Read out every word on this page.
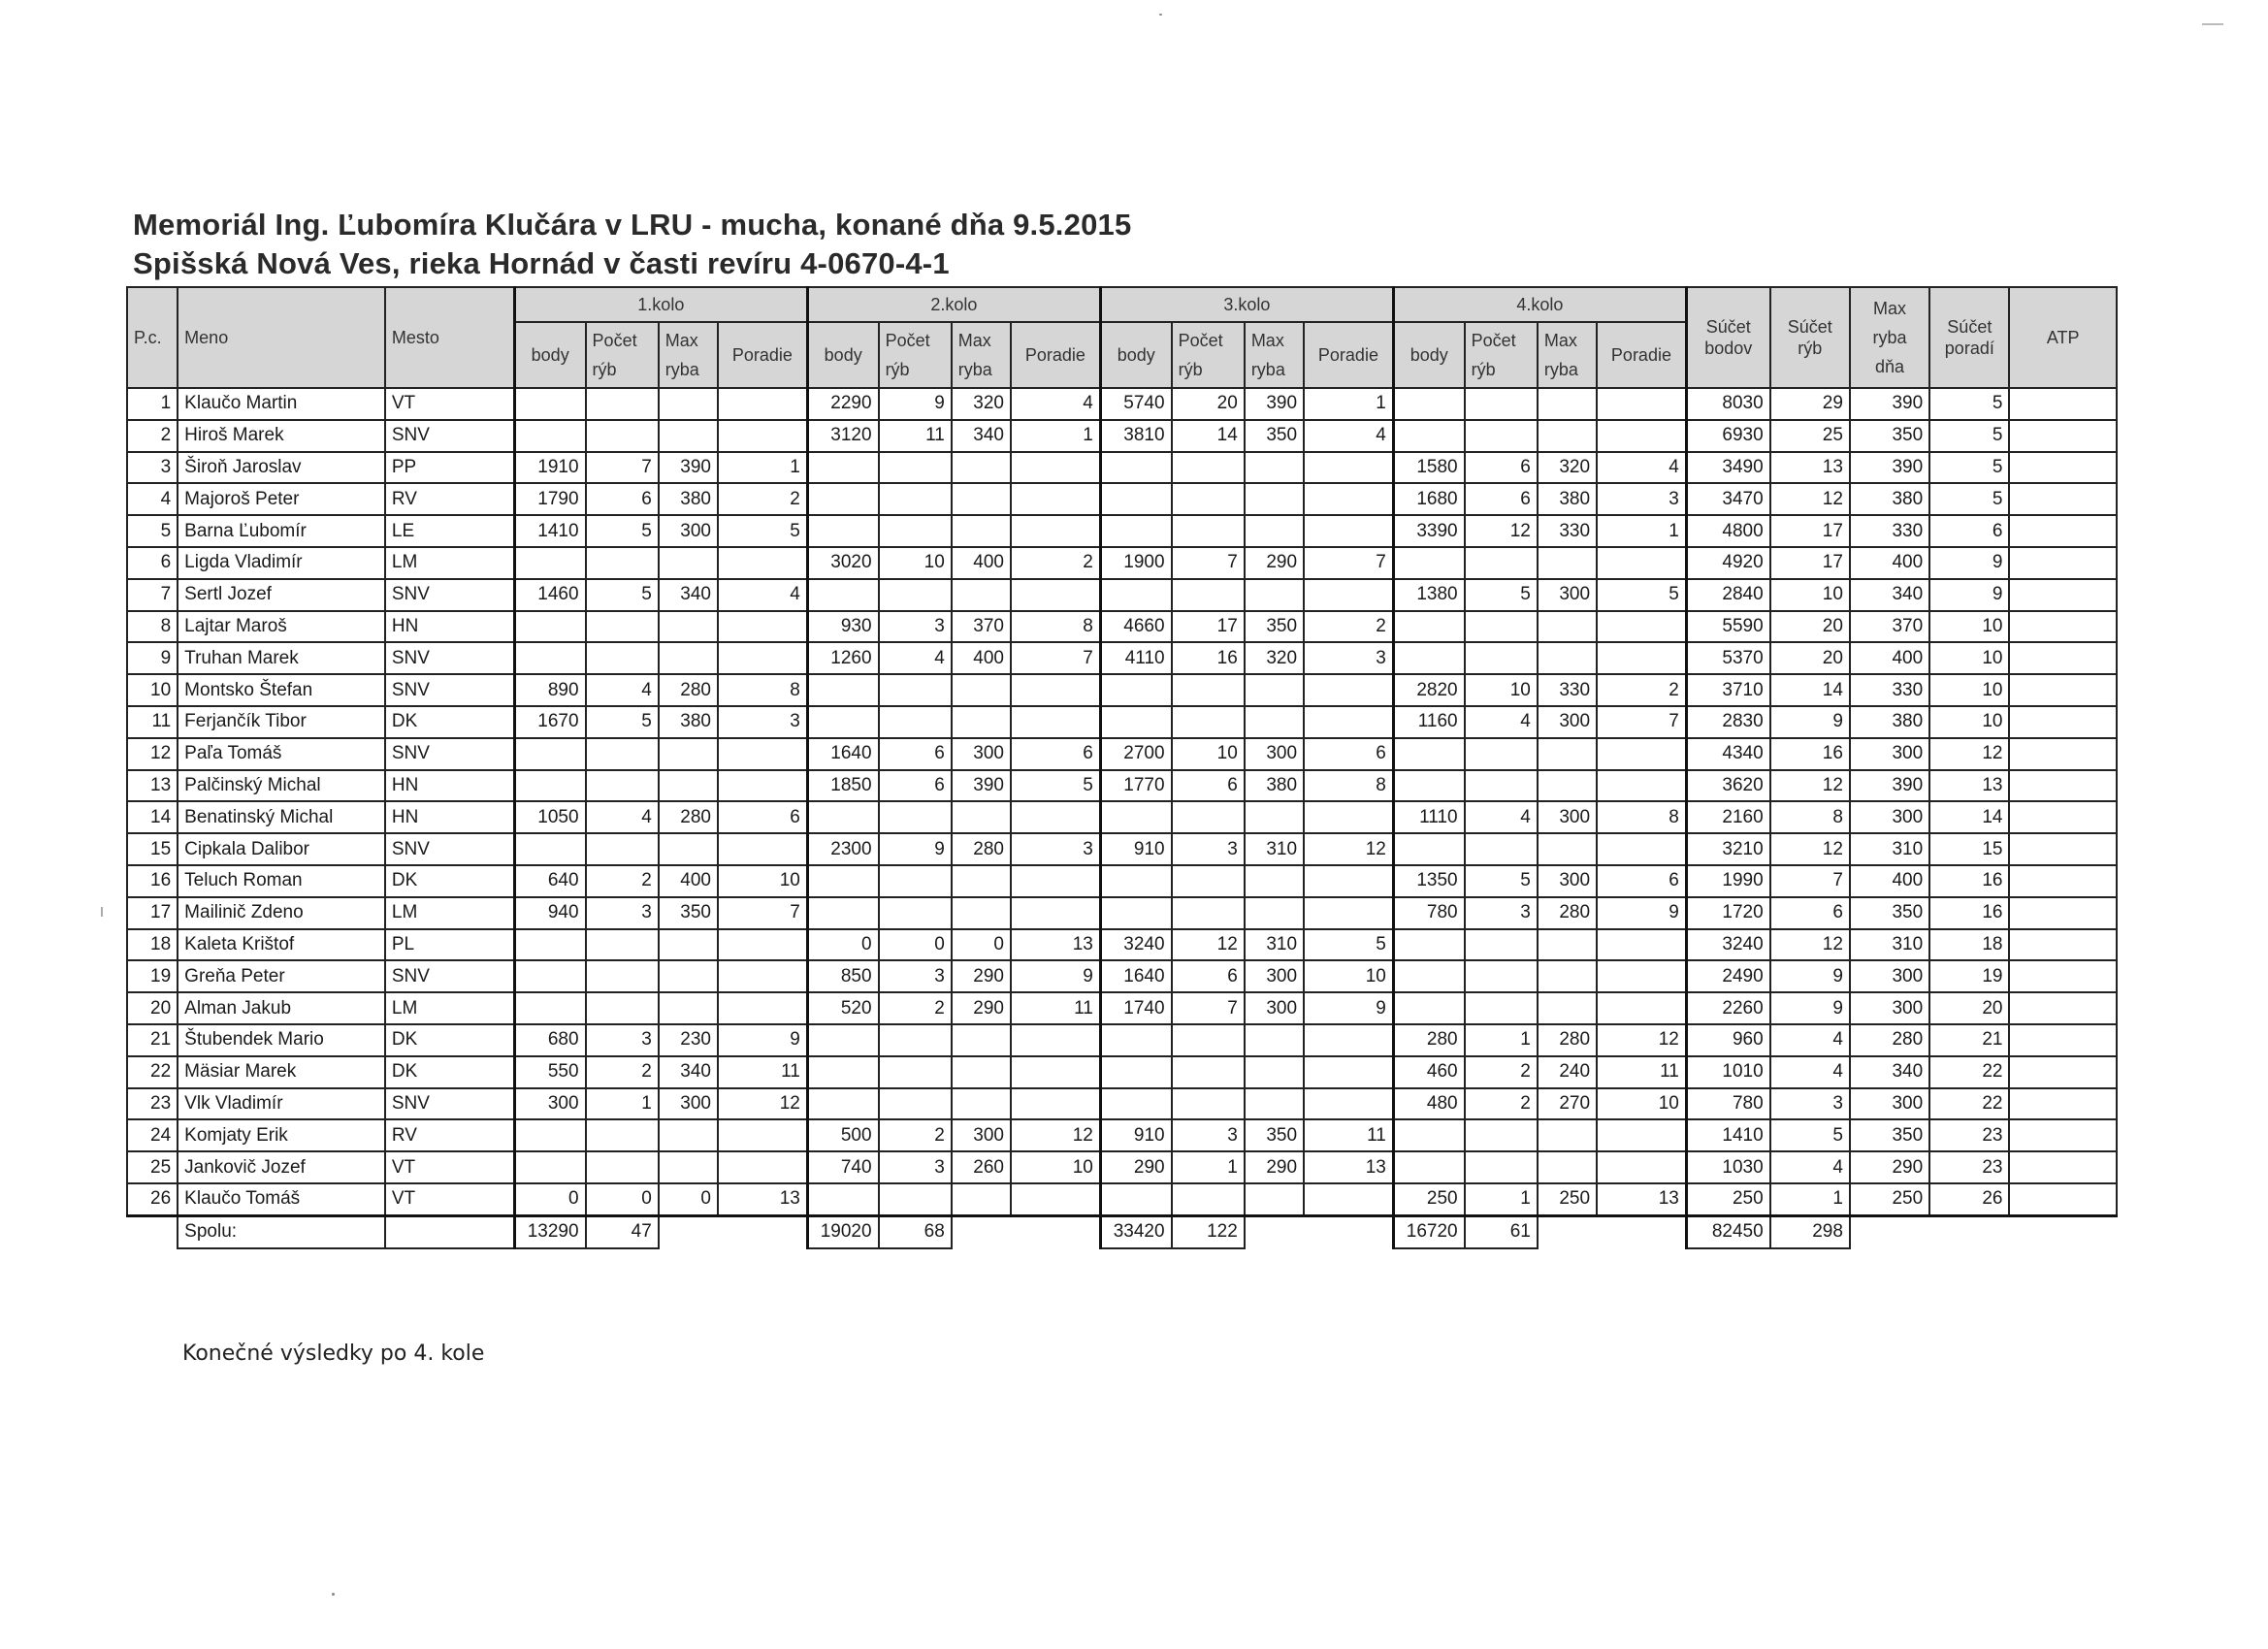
Memoriál Ing. Ľubomíra Klučára v LRU - mucha, konané dňa 9.5.2015
Spišská Nová Ves, rieka Hornád v časti revíru 4-0670-4-1
P.c.	Meno	Mesto	1.kolo				2.kolo				3.kolo				4.kolo				Súčet bodov	Súčet rýb	Max ryba dňa	Súčet poradí	ATP
			body	Počet rýb	Max ryba	Poradie	body	Počet rýb	Max ryba	Poradie	body	Počet rýb	Max ryba	Poradie	body	Počet rýb	Max ryba	Poradie					
1	Klaučo Martin	VT					2290	9	320	4	5740	20	390	1					8030	29	390	5	
2	Hiroš Marek	SNV					3120	11	340	1	3810	14	350	4					6930	25	350	5	
3	Široň Jaroslav	PP	1910	7	390	1									1580	6	320	4	3490	13	390	5	
4	Majoroš Peter	RV	1790	6	380	2									1680	6	380	3	3470	12	380	5	
5	Barna Ľubomír	LE	1410	5	300	5									3390	12	330	1	4800	17	330	6	
6	Ligda Vladimír	LM					3020	10	400	2	1900	7	290	7					4920	17	400	9	
7	Sertl Jozef	SNV	1460	5	340	4									1380	5	300	5	2840	10	340	9	
8	Lajtar Maroš	HN					930	3	370	8	4660	17	350	2					5590	20	370	10	
9	Truhan Marek	SNV					1260	4	400	7	4110	16	320	3					5370	20	400	10	
10	Montsko Štefan	SNV	890	4	280	8									2820	10	330	2	3710	14	330	10	
11	Ferjančík Tibor	DK	1670	5	380	3									1160	4	300	7	2830	9	380	10	
12	Paľa Tomáš	SNV					1640	6	300	6	2700	10	300	6					4340	16	300	12	
13	Palčinský Michal	HN					1850	6	390	5	1770	6	380	8					3620	12	390	13	
14	Benatinský Michal	HN	1050	4	280	6									1110	4	300	8	2160	8	300	14	
15	Cipkala Dalibor	SNV					2300	9	280	3	910	3	310	12					3210	12	310	15	
16	Teluch Roman	DK	640	2	400	10									1350	5	300	6	1990	7	400	16	
17	Mailinič Zdeno	LM	940	3	350	7									780	3	280	9	1720	6	350	16	
18	Kaleta Krištof	PL					0	0	0	13	3240	12	310	5					3240	12	310	18	
19	Greňa Peter	SNV					850	3	290	9	1640	6	300	10					2490	9	300	19	
20	Alman Jakub	LM					520	2	290	11	1740	7	300	9					2260	9	300	20	
21	Štubendek Mario	DK	680	3	230	9									280	1	280	12	960	4	280	21	
22	Mäsiar Marek	DK	550	2	340	11									460	2	240	11	1010	4	340	22	
23	Vlk Vladimír	SNV	300	1	300	12									480	2	270	10	780	3	300	22	
24	Komjaty Erik	RV					500	2	300	12	910	3	350	11					1410	5	350	23	
25	Jankovič Jozef	VT					740	3	260	10	290	1	290	13					1030	4	290	23	
26	Klaučo Tomáš	VT	0	0	0	13									250	1	250	13	250	1	250	26	
	Spolu:		13290	47			19020	68			33420	122			16720	61			82450	298			
Konečné výsledky po 4. kole
